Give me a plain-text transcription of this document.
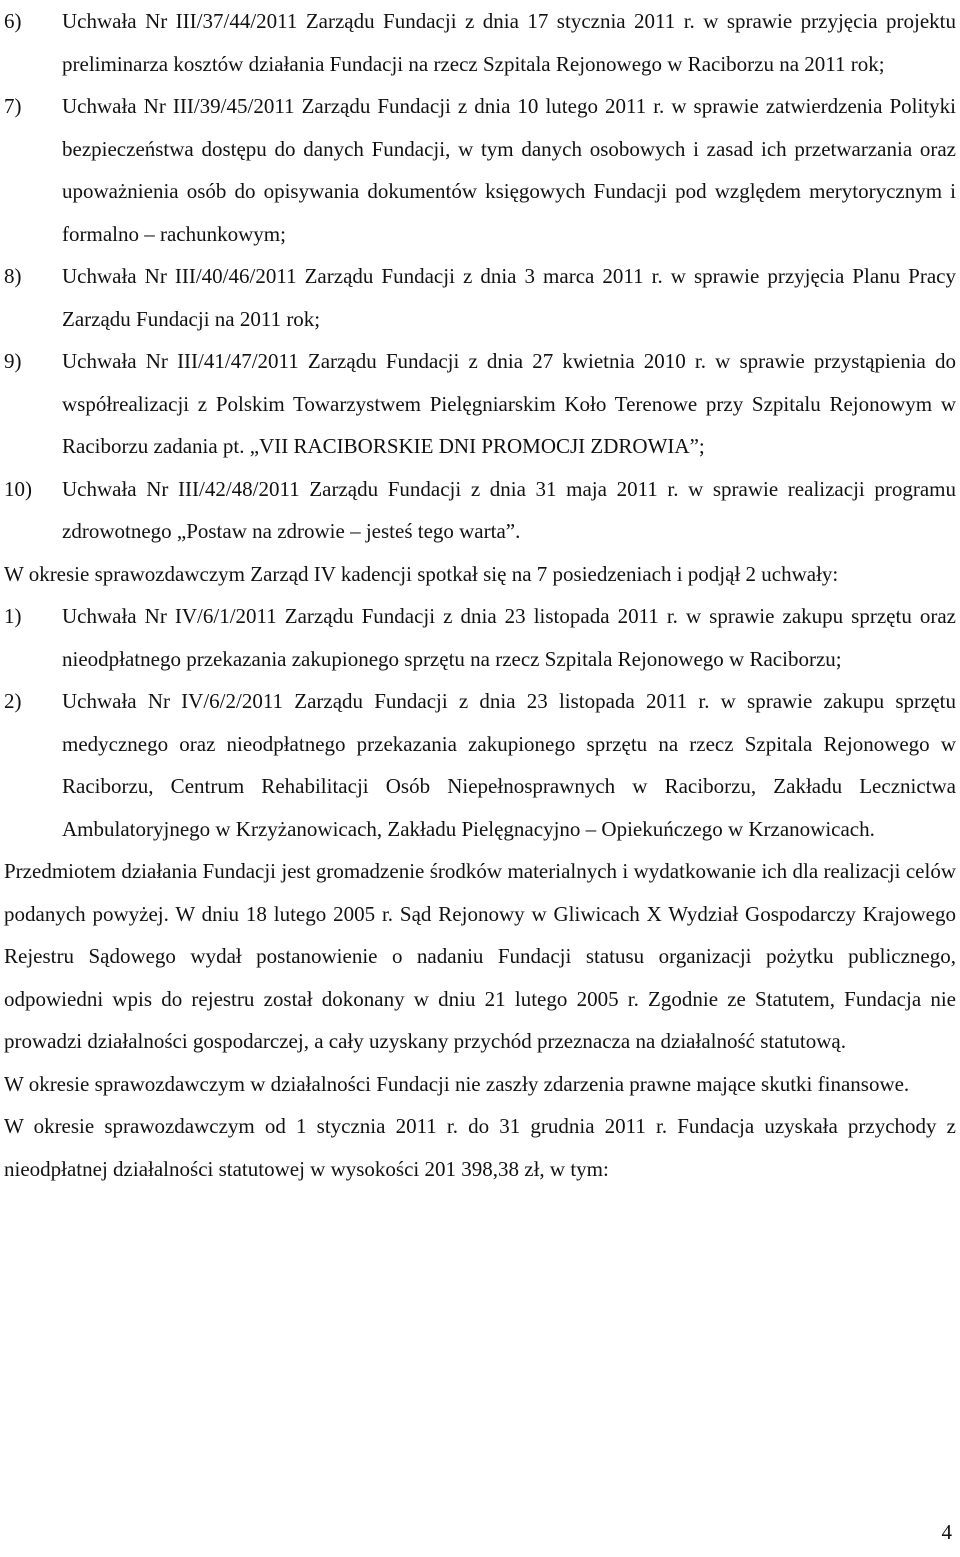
6)	Uchwała Nr III/37/44/2011 Zarządu Fundacji z dnia 17 stycznia 2011 r. w sprawie przyjęcia projektu preliminarza kosztów działania Fundacji na rzecz Szpitala Rejonowego w Raciborzu na 2011 rok;
7)	Uchwała Nr III/39/45/2011 Zarządu Fundacji z dnia 10 lutego 2011 r. w sprawie zatwierdzenia Polityki bezpieczeństwa dostępu do danych Fundacji, w tym danych osobowych i zasad ich przetwarzania oraz upoważnienia osób do opisywania dokumentów księgowych Fundacji pod względem merytorycznym i formalno – rachunkowym;
8)	Uchwała Nr III/40/46/2011 Zarządu Fundacji z dnia 3 marca 2011 r. w sprawie przyjęcia Planu Pracy Zarządu Fundacji na 2011 rok;
9)	Uchwała Nr III/41/47/2011 Zarządu Fundacji z dnia 27 kwietnia 2010 r. w sprawie przystąpienia do współrealizacji z Polskim Towarzystwem Pielęgniarskim Koło Terenowe przy Szpitalu Rejonowym w Raciborzu zadania pt. „VII RACIBORSKIE DNI PROMOCJI ZDROWIA”;
10)	Uchwała Nr III/42/48/2011 Zarządu Fundacji z dnia 31 maja 2011 r. w sprawie realizacji programu zdrowotnego „Postaw na zdrowie – jesteś tego warta”.
W okresie sprawozdawczym Zarząd IV kadencji spotkał się na 7 posiedzeniach i podjął 2 uchwały:
1)	Uchwała Nr IV/6/1/2011 Zarządu Fundacji z dnia 23 listopada 2011 r. w sprawie zakupu sprzętu oraz nieodpłatnego przekazania zakupionego sprzętu na rzecz Szpitala Rejonowego w Raciborzu;
2)	Uchwała Nr IV/6/2/2011 Zarządu Fundacji z dnia 23 listopada 2011 r. w sprawie zakupu sprzętu medycznego oraz nieodpłatnego przekazania zakupionego sprzętu na rzecz Szpitala Rejonowego w Raciborzu, Centrum Rehabilitacji Osób Niepełnosprawnych w Raciborzu, Zakładu Lecznictwa Ambulatoryjnego w Krzyżanowicach, Zakładu Pielęgnacyjno – Opiekuńczego w Krzanowicach.
Przedmiotem działania Fundacji jest gromadzenie środków materialnych i wydatkowanie ich dla realizacji celów podanych powyżej. W dniu 18 lutego 2005 r. Sąd Rejonowy w Gliwicach X Wydział Gospodarczy Krajowego Rejestru Sądowego wydał postanowienie o nadaniu Fundacji statusu organizacji pożytku publicznego, odpowiedni wpis do rejestru został dokonany w dniu 21 lutego 2005 r. Zgodnie ze Statutem, Fundacja nie prowadzi działalności gospodarczej, a cały uzyskany przychód przeznacza na działalność statutową.
W okresie sprawozdawczym w działalności Fundacji nie zaszły zdarzenia prawne mające skutki finansowe.
W okresie sprawozdawczym od 1 stycznia 2011 r. do 31 grudnia 2011 r. Fundacja uzyskała przychody z nieodpłatnej działalności statutowej w wysokości 201 398,38 zł, w tym:
4
